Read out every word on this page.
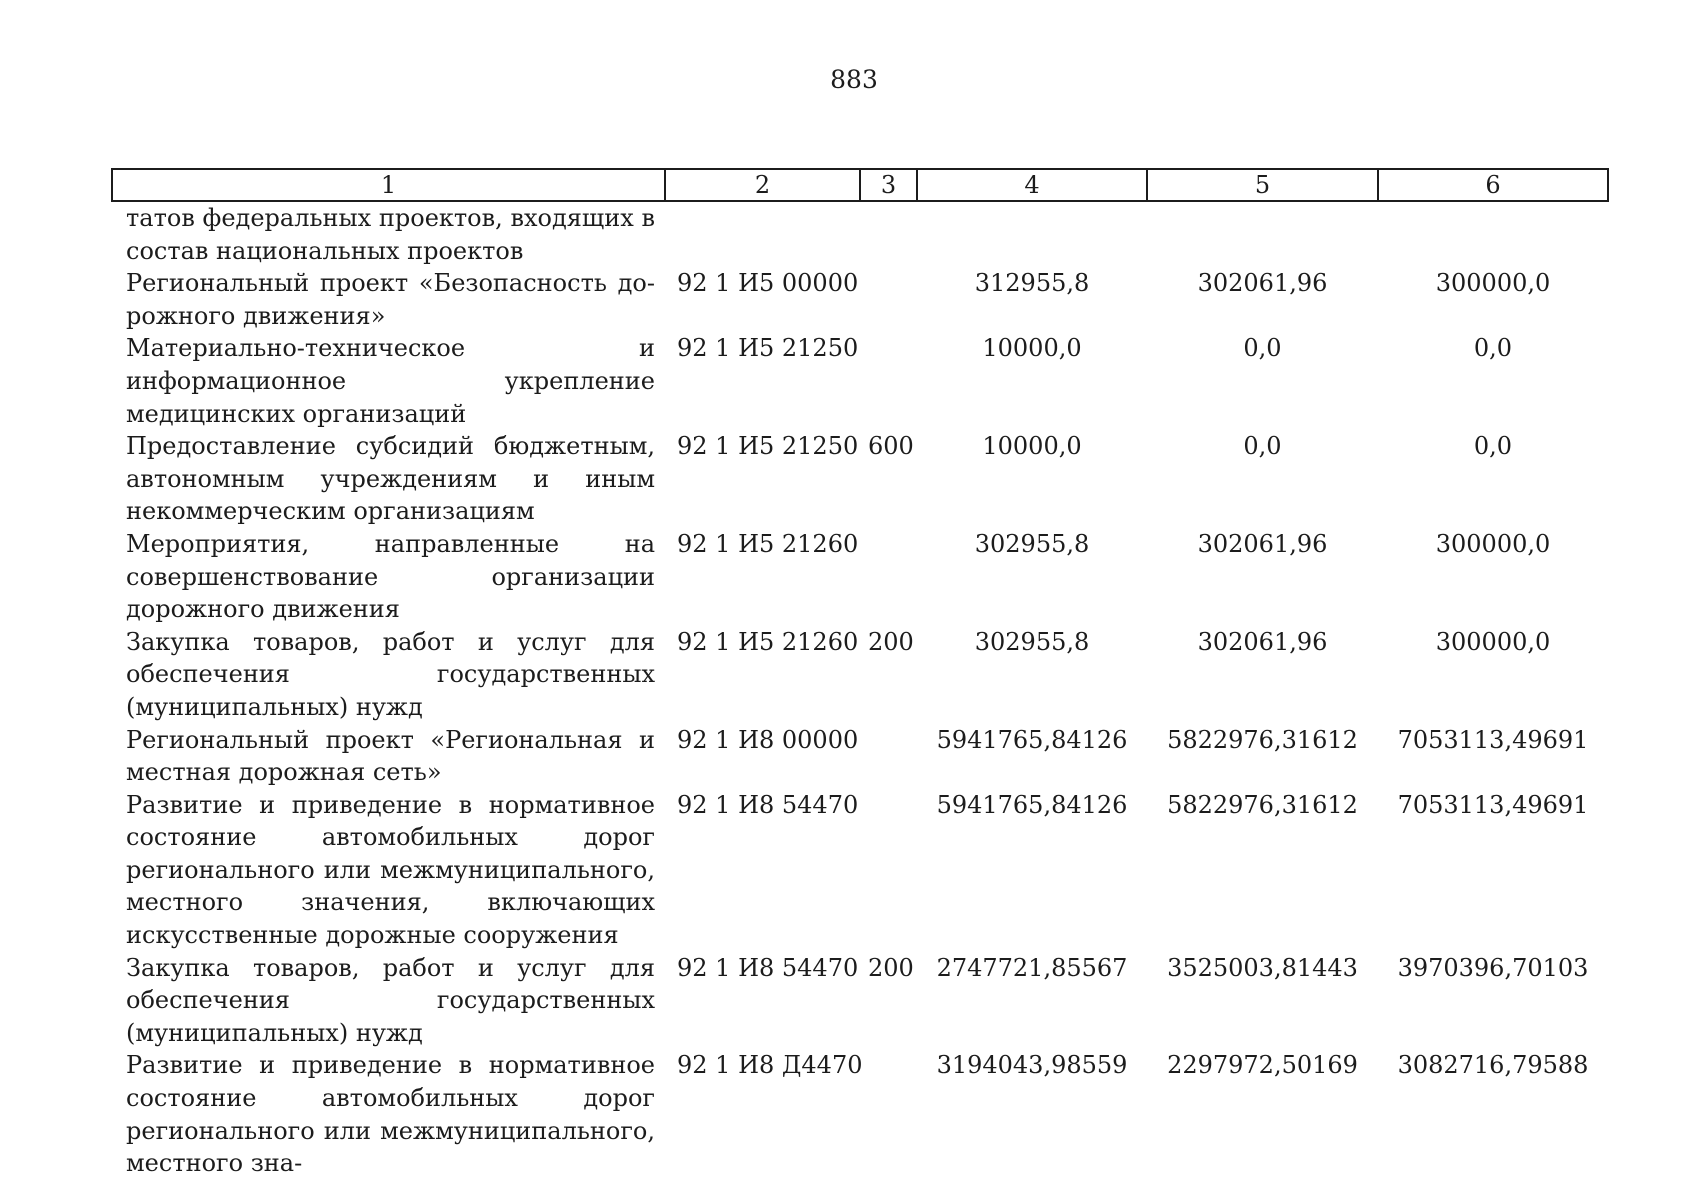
883
1	2	3	4	5	6
татов федеральных проектов, входящих в состав национальных проектов					
Региональный проект «Безопасность дорожного движения»	92 1 И5 00000		312955,8	302061,96	300000,0
Материально-техническое и информационное укрепление медицинских организаций	92 1 И5 21250		10000,0	0,0	0,0
Предоставление субсидий бюджетным, автономным учреждениям и иным некоммерческим организациям	92 1 И5 21250	600	10000,0	0,0	0,0
Мероприятия, направленные на совершенствование организации дорожного движения	92 1 И5 21260		302955,8	302061,96	300000,0
Закупка товаров, работ и услуг для обеспечения государственных (муниципальных) нужд	92 1 И5 21260	200	302955,8	302061,96	300000,0
Региональный проект «Региональная и местная дорожная сеть»	92 1 И8 00000		5941765,84126	5822976,31612	7053113,49691
Развитие и приведение в нормативное состояние автомобильных дорог регионального или межмуниципального, местного значения, включающих искусственные дорожные сооружения	92 1 И8 54470		5941765,84126	5822976,31612	7053113,49691
Закупка товаров, работ и услуг для обеспечения государственных (муниципальных) нужд	92 1 И8 54470	200	2747721,85567	3525003,81443	3970396,70103
Развитие и приведение в нормативное состояние автомобильных дорог регионального или межмуниципального, местного зна-	92 1 И8 Д4470		3194043,98559	2297972,50169	3082716,79588
